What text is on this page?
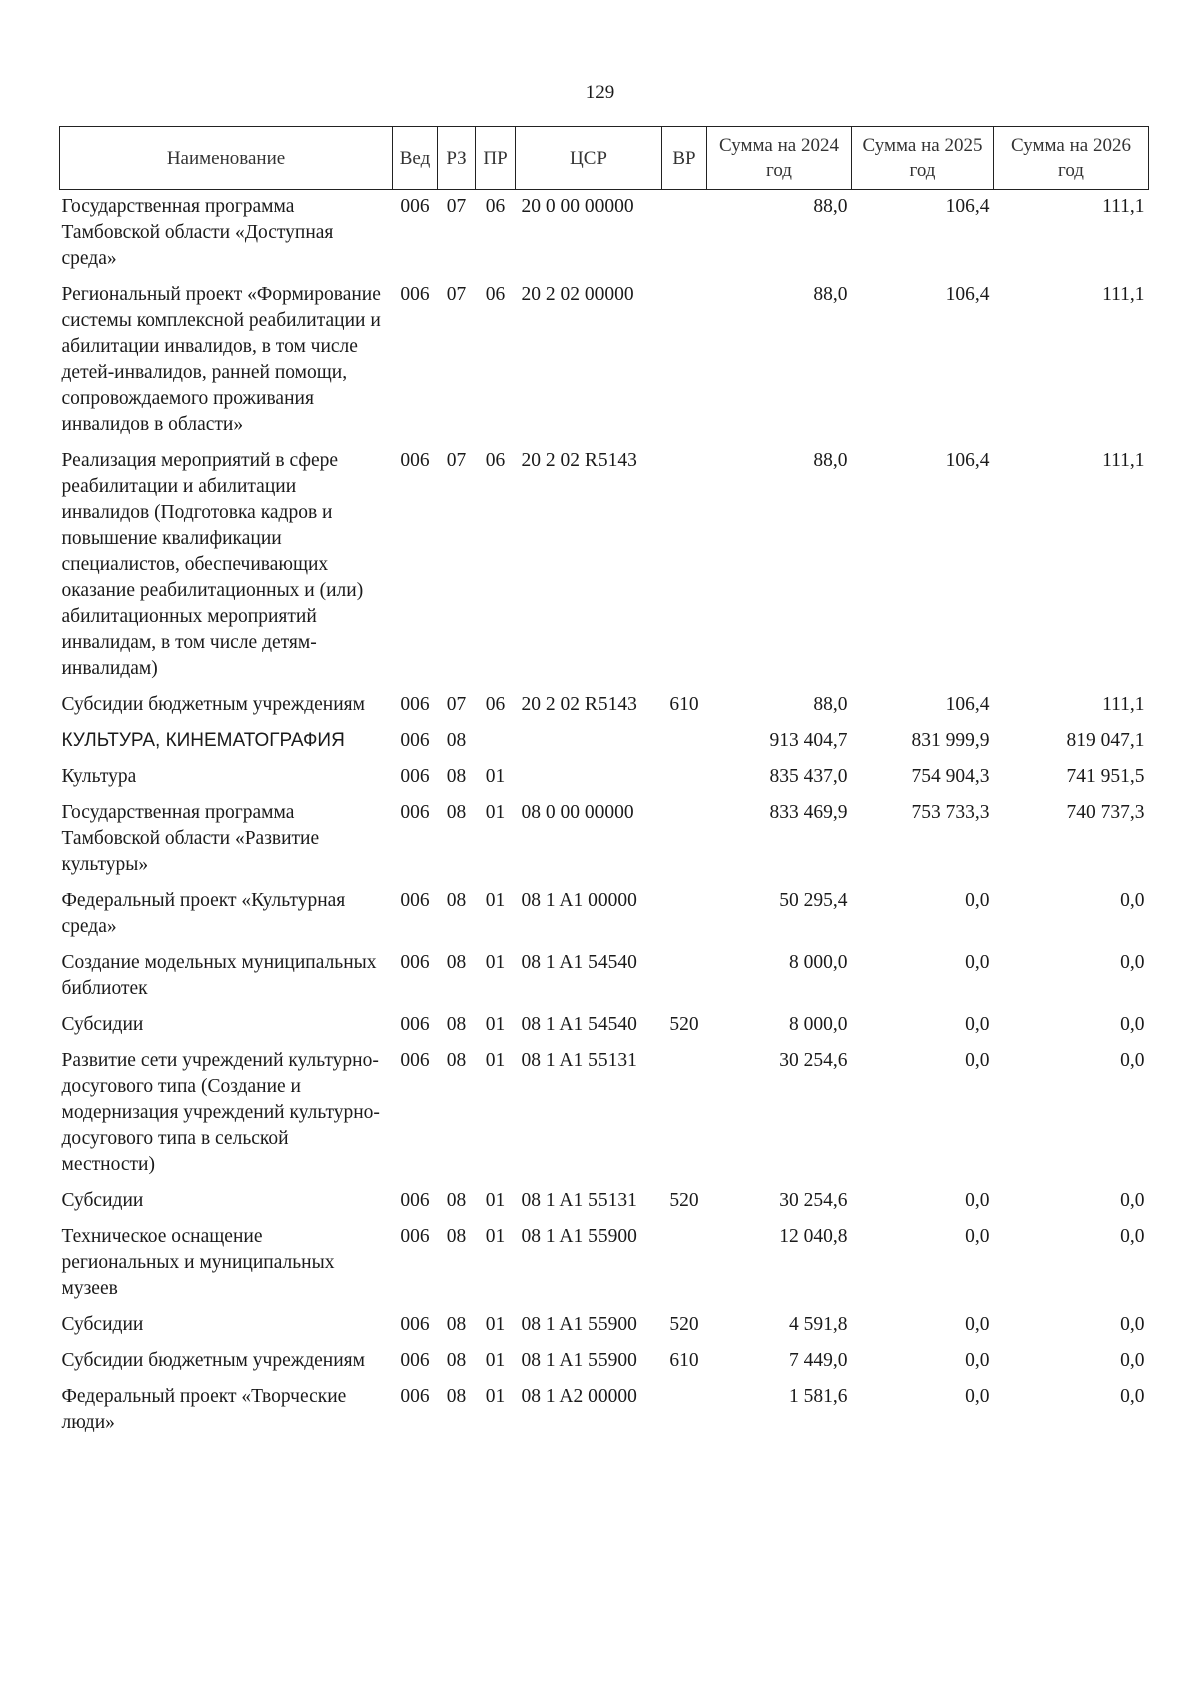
129
Наименование	Вед	РЗ	ПР	ЦСР	ВР	Сумма на 2024 год	Сумма на 2025 год	Сумма на 2026 год
Государственная программа Тамбовской области «Доступная среда»	006	07	06	20 0 00 00000		88,0	106,4	111,1
Региональный проект «Формирование системы комплексной реабилитации и абилитации инвалидов, в том числе детей-инвалидов, ранней помощи, сопровождаемого проживания инвалидов в области»	006	07	06	20 2 02 00000		88,0	106,4	111,1
Реализация мероприятий в сфере реабилитации и абилитации инвалидов (Подготовка кадров и повышение квалификации специалистов, обеспечивающих оказание реабилитационных и (или) абилитационных мероприятий инвалидам, в том числе детям-инвалидам)	006	07	06	20 2 02 R5143		88,0	106,4	111,1
Субсидии бюджетным учреждениям	006	07	06	20 2 02 R5143	610	88,0	106,4	111,1
КУЛЬТУРА, КИНЕМАТОГРАФИЯ	006	08				913 404,7	831 999,9	819 047,1
Культура	006	08	01			835 437,0	754 904,3	741 951,5
Государственная программа Тамбовской области «Развитие культуры»	006	08	01	08 0 00 00000		833 469,9	753 733,3	740 737,3
Федеральный проект «Культурная среда»	006	08	01	08 1 A1 00000		50 295,4	0,0	0,0
Создание модельных муниципальных библиотек	006	08	01	08 1 A1 54540		8 000,0	0,0	0,0
Субсидии	006	08	01	08 1 A1 54540	520	8 000,0	0,0	0,0
Развитие сети учреждений культурно-досугового типа (Создание и модернизация учреждений культурно-досугового типа в сельской местности)	006	08	01	08 1 A1 55131		30 254,6	0,0	0,0
Субсидии	006	08	01	08 1 A1 55131	520	30 254,6	0,0	0,0
Техническое оснащение региональных и муниципальных музеев	006	08	01	08 1 A1 55900		12 040,8	0,0	0,0
Субсидии	006	08	01	08 1 A1 55900	520	4 591,8	0,0	0,0
Субсидии бюджетным учреждениям	006	08	01	08 1 A1 55900	610	7 449,0	0,0	0,0
Федеральный проект «Творческие люди»	006	08	01	08 1 A2 00000		1 581,6	0,0	0,0
